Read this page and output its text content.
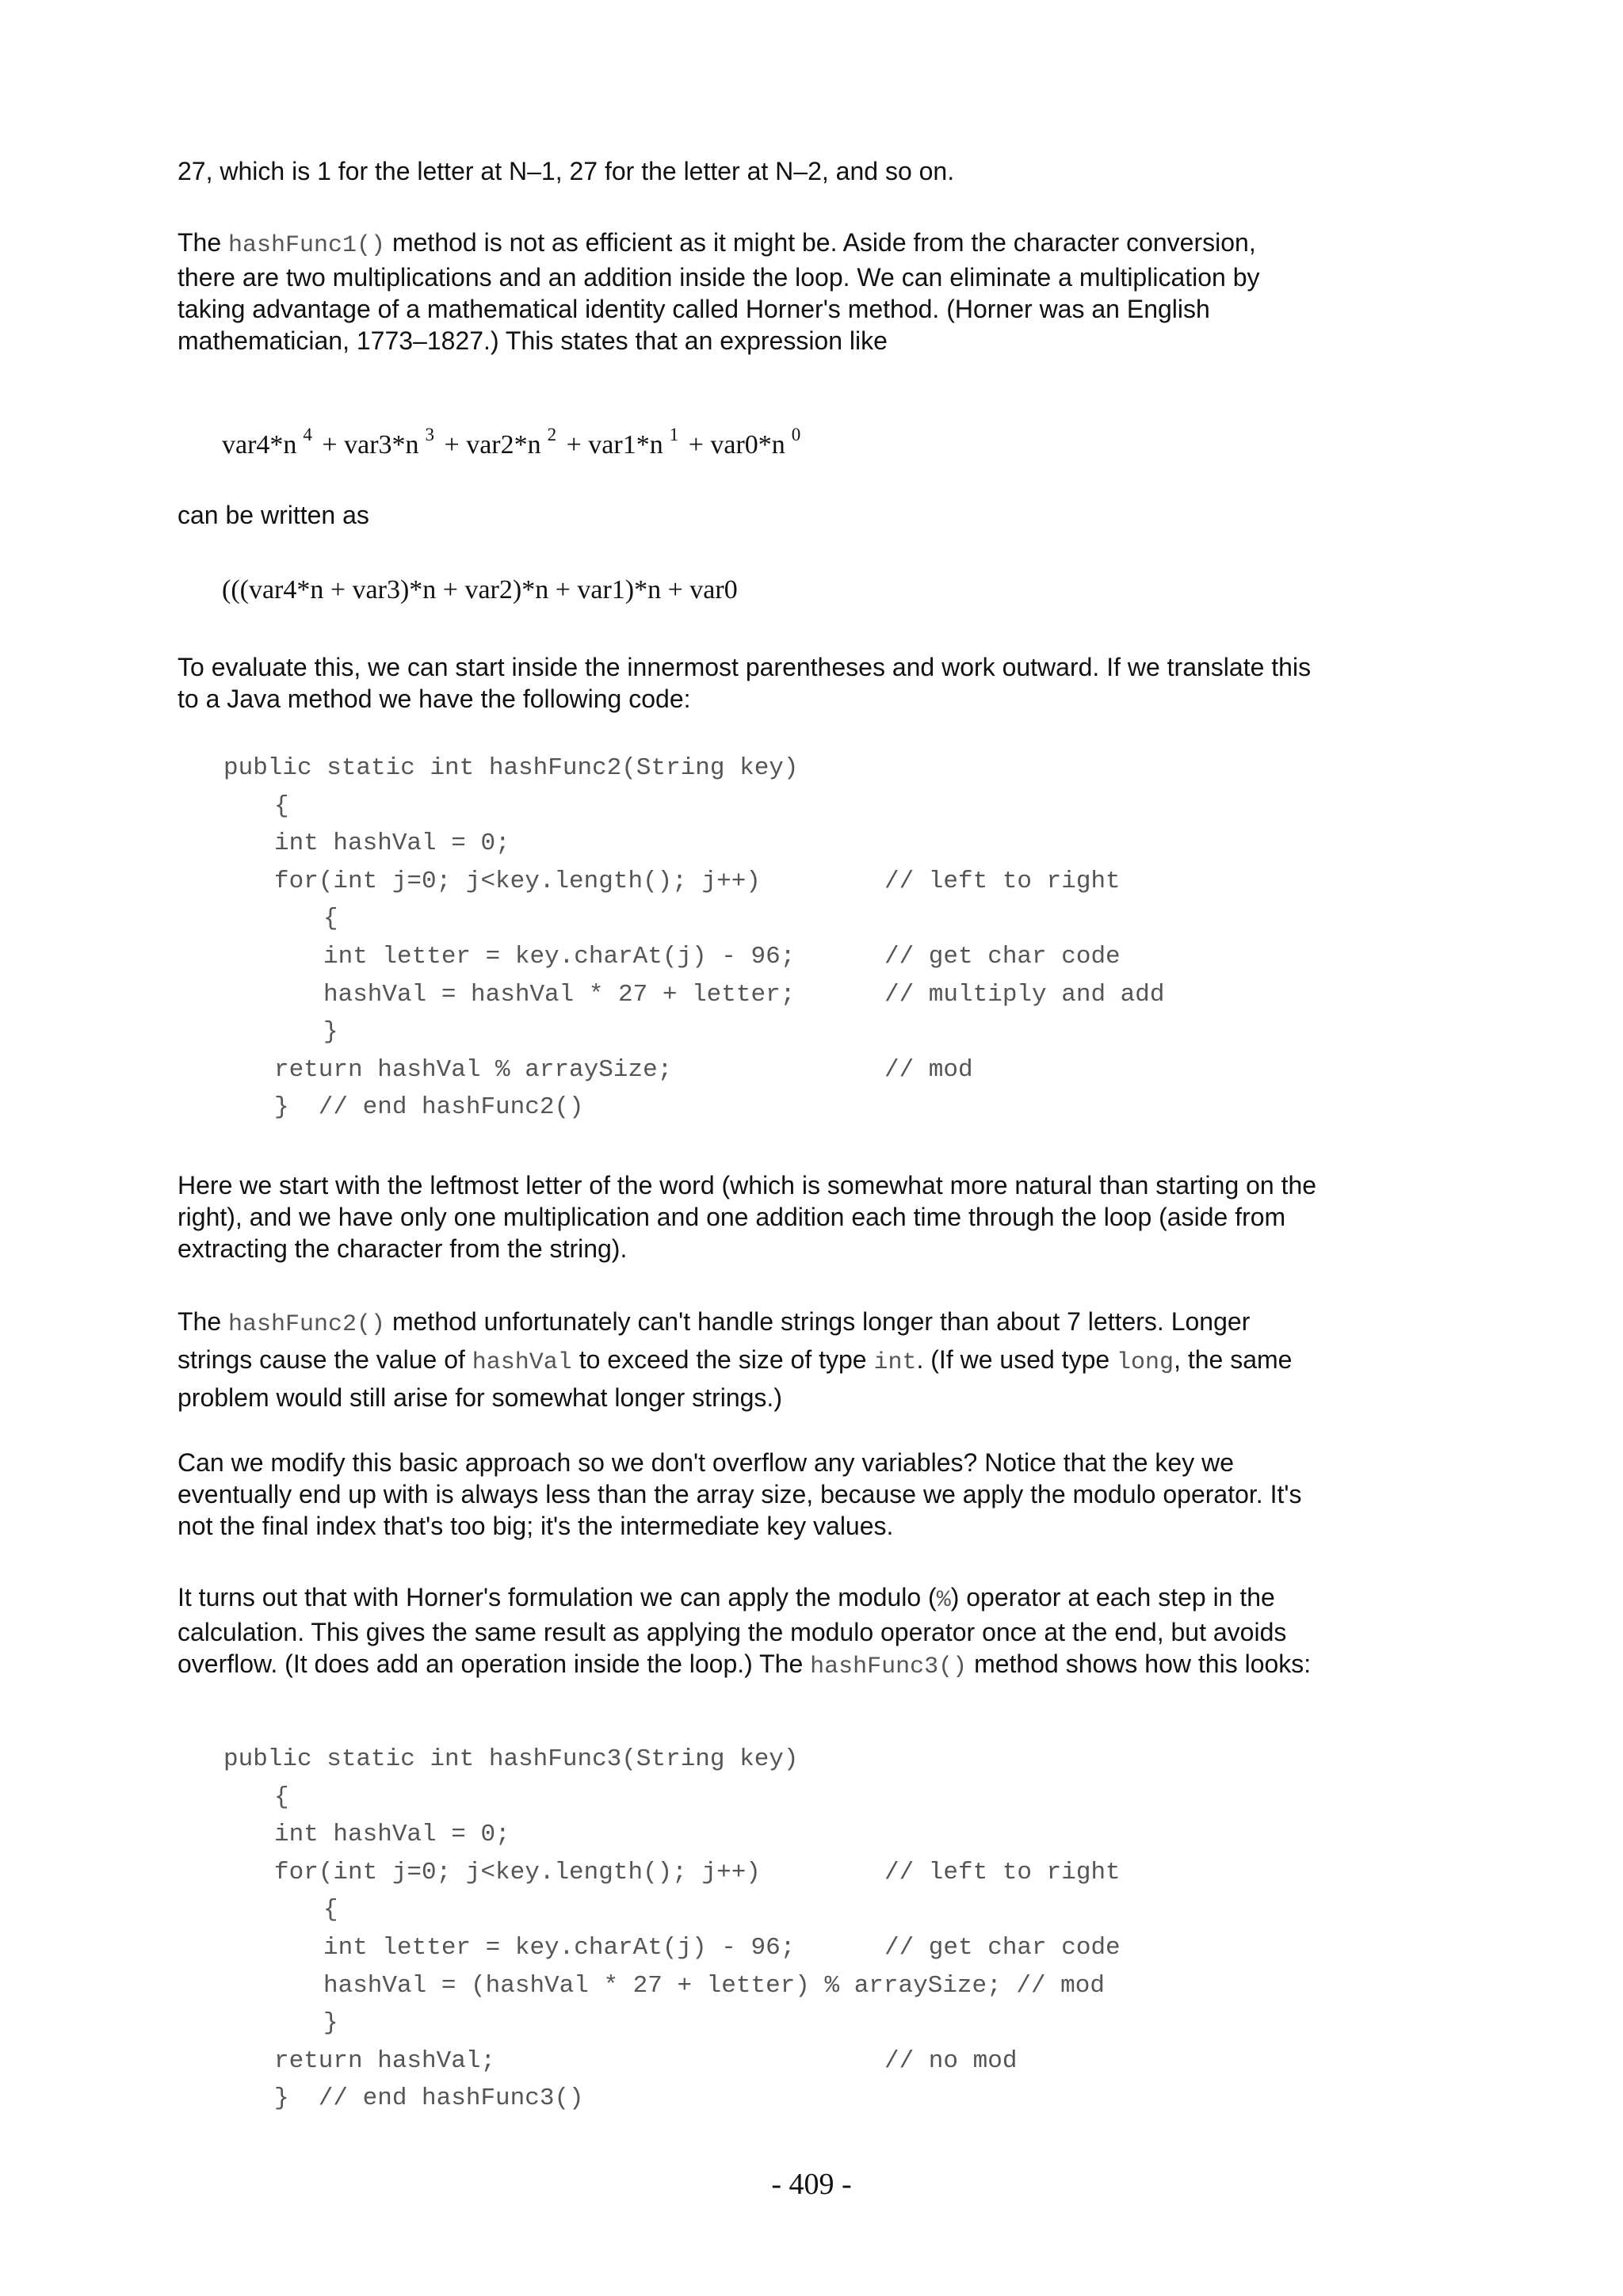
27, which is 1 for the letter at N–1, 27 for the letter at N–2, and so on.
The hashFunc1() method is not as efficient as it might be. Aside from the character conversion, there are two multiplications and an addition inside the loop. We can eliminate a multiplication by taking advantage of a mathematical identity called Horner's method. (Horner was an English mathematician, 1773–1827.) This states that an expression like
var4*n $^4$ + var3*n $^3$ + var2*n $^2$ + var1*n $^1$ + var0*n $^0$
can be written as
(((var4*n + var3)*n + var2)*n + var1)*n + var0
To evaluate this, we can start inside the innermost parentheses and work outward. If we translate this to a Java method we have the following code:
public static int hashFunc2(String key)
{
int hashVal = 0;
for(int j=0; j<key.length(); j++)	// left to right
{
int letter = key.charAt(j) - 96;	// get char code
hashVal = hashVal * 27 + letter;	// multiply and add
}
return hashVal % arraySize;	// mod
}  // end hashFunc2()
Here we start with the leftmost letter of the word (which is somewhat more natural than starting on the right), and we have only one multiplication and one addition each time through the loop (aside from extracting the character from the string).
The hashFunc2() method unfortunately can't handle strings longer than about 7 letters. Longer strings cause the value of hashVal to exceed the size of type int. (If we used type long, the same problem would still arise for somewhat longer strings.)
Can we modify this basic approach so we don't overflow any variables? Notice that the key we eventually end up with is always less than the array size, because we apply the modulo operator. It's not the final index that's too big; it's the intermediate key values.
It turns out that with Horner's formulation we can apply the modulo (%) operator at each step in the calculation. This gives the same result as applying the modulo operator once at the end, but avoids overflow. (It does add an operation inside the loop.) The hashFunc3() method shows how this looks:
public static int hashFunc3(String key)
{
int hashVal = 0;
for(int j=0; j<key.length(); j++)	// left to right
{
int letter = key.charAt(j) - 96;	// get char code
hashVal = (hashVal * 27 + letter) % arraySize; // mod
}
return hashVal;	// no mod
}  // end hashFunc3()
- 409 -
